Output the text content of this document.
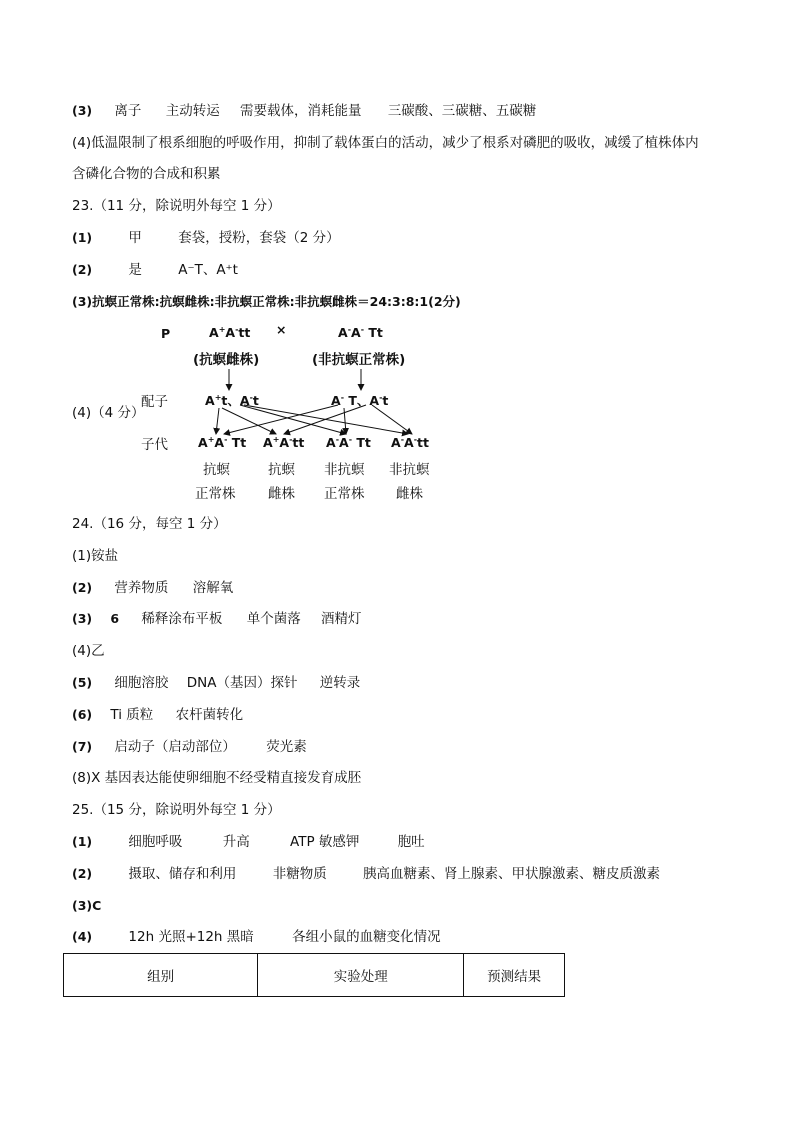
(3) 离子 主动转运 需要载体，消耗能量 三碳酸、三碳糖、五碳糖
(4)低温限制了根系细胞的呼吸作用，抑制了载体蛋白的活动，减少了根系对磷肥的吸收，减缓了植株体内
含磷化合物的合成和积累
23.（11 分，除说明外每空 1 分）
(1)	甲	套袋，授粉，套袋（2 分）
(2)	是	A⁻T、A⁺t
(3)抗螟正常株:抗螟雌株:非抗螟正常株:非抗螟雌株＝24:3:8:1(2分)
P	A+A-tt ×	A-A- Tt
(抗螟雌株)	(非抗螟正常株)
配子	A+t、A-t	A- T、A-t
(4)（4 分）
子代 A+A- Tt A+A-tt A-A- Tt A-A-tt
抗螟	抗螟 非抗螟 非抗螟
正常株 雌株 正常株 雌株
24.（16 分，每空 1 分）
(1)铵盐
(2) 营养物质 溶解氧
(3) 6 稀释涂布平板 单个菌落 酒精灯
(4)乙
(5) 细胞溶胶 DNA（基因）探针 逆转录
(6) Ti 质粒 农杆菌转化
(7) 启动子（启动部位） 荧光素
(8)X 基因表达能使卵细胞不经受精直接发育成胚
25.（15 分，除说明外每空 1 分）
(1)	细胞呼吸	升高	ATP 敏感钾	胞吐
(2)	摄取、储存和利用	非糖物质	胰高血糖素、肾上腺素、甲状腺激素、糖皮质激素
(3)C
(4)	12h 光照+12h 黑暗	各组小鼠的血糖变化情况
组别	实验处理	预测结果
